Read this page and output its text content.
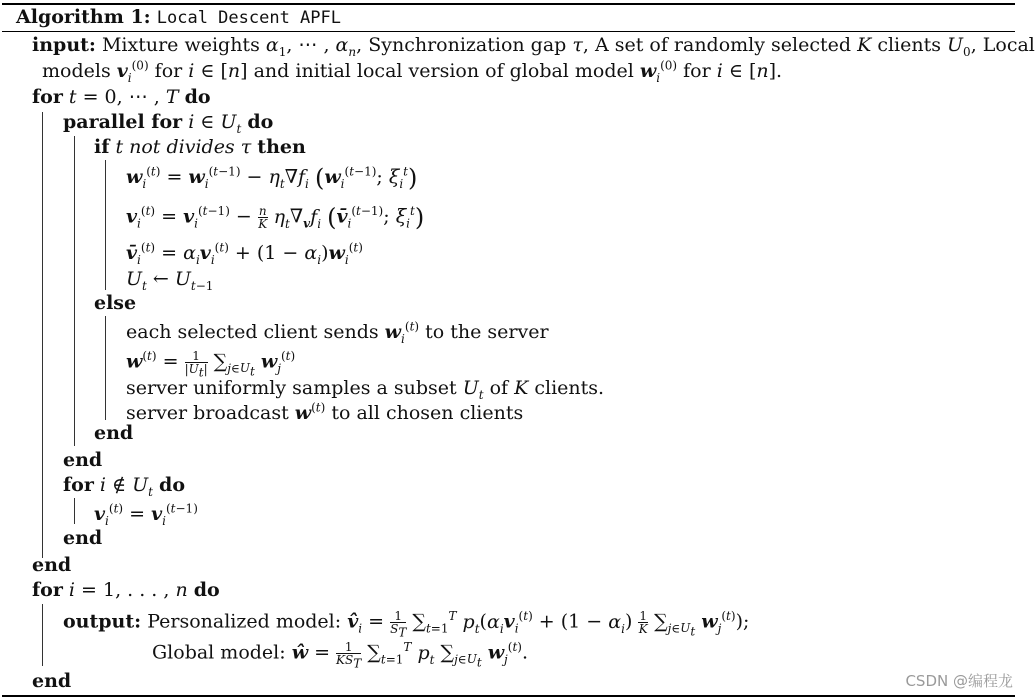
Algorithm 1: Local Descent APFL
input: Mixture weights $\alpha_1$, ⋯ , $\alpha_n$, Synchronization gap τ, A set of randomly selected K clients $U_0$, Local
models $v_i^{(0)}$ for i ∈ [n] and initial local version of global model $w_i^{(0)}$ for i ∈ [n].
for t = 0, ⋯ , T do
parallel for i ∈ $U_t$ do
if t not divides τ then
$w_i^{(t)} = w_i^{(t-1)} - \eta_t\nabla f_i$ ($w_i^{(t-1)}$; $\xi_i^t$)
$v_i^{(t)} = v_i^{(t-1)} - \frac{n}{K} \eta_t\nabla_vf_i$ ($v̄_i^{(t-1)}$; $\xi_i^t$)
$v̄_i^{(t)} = \alpha_iv_i^{(t)} + (1 - \alpha_i)w_i^{(t)}$
$U_t$ ← $U_{t-1}$
else
each selected client sends $w_i^{(t)}$ to the server
$w^{(t)} = \frac{1}{|U_t|} \sum_{j\in U_t}$ $w_j^{(t)}$
server uniformly samples a subset $U_t$ of K clients.
server broadcast $w^{(t)}$ to all chosen clients
end
end
for i ∉ $U_t$ do
$v_i^{(t)} = v_i^{(t-1)}$
end
end
for i = 1, . . . , n do
output: Personalized model: $v̂_i = \frac{1}{S_T} \sum_{t=1}^T$ $p_t(\alpha_iv_i^{(t)} + (1 - \alpha_i) \frac{1}{K} \sum_{j\in U_t}$ $w_j^{(t)}$);
Global model: ŵ = $\frac{1}{KS_T} \sum_{t=1}^T$ $p_t$ $\sum_{j\in U_t}$ $w_j^{(t)}$.
end	CSDN @编程龙
